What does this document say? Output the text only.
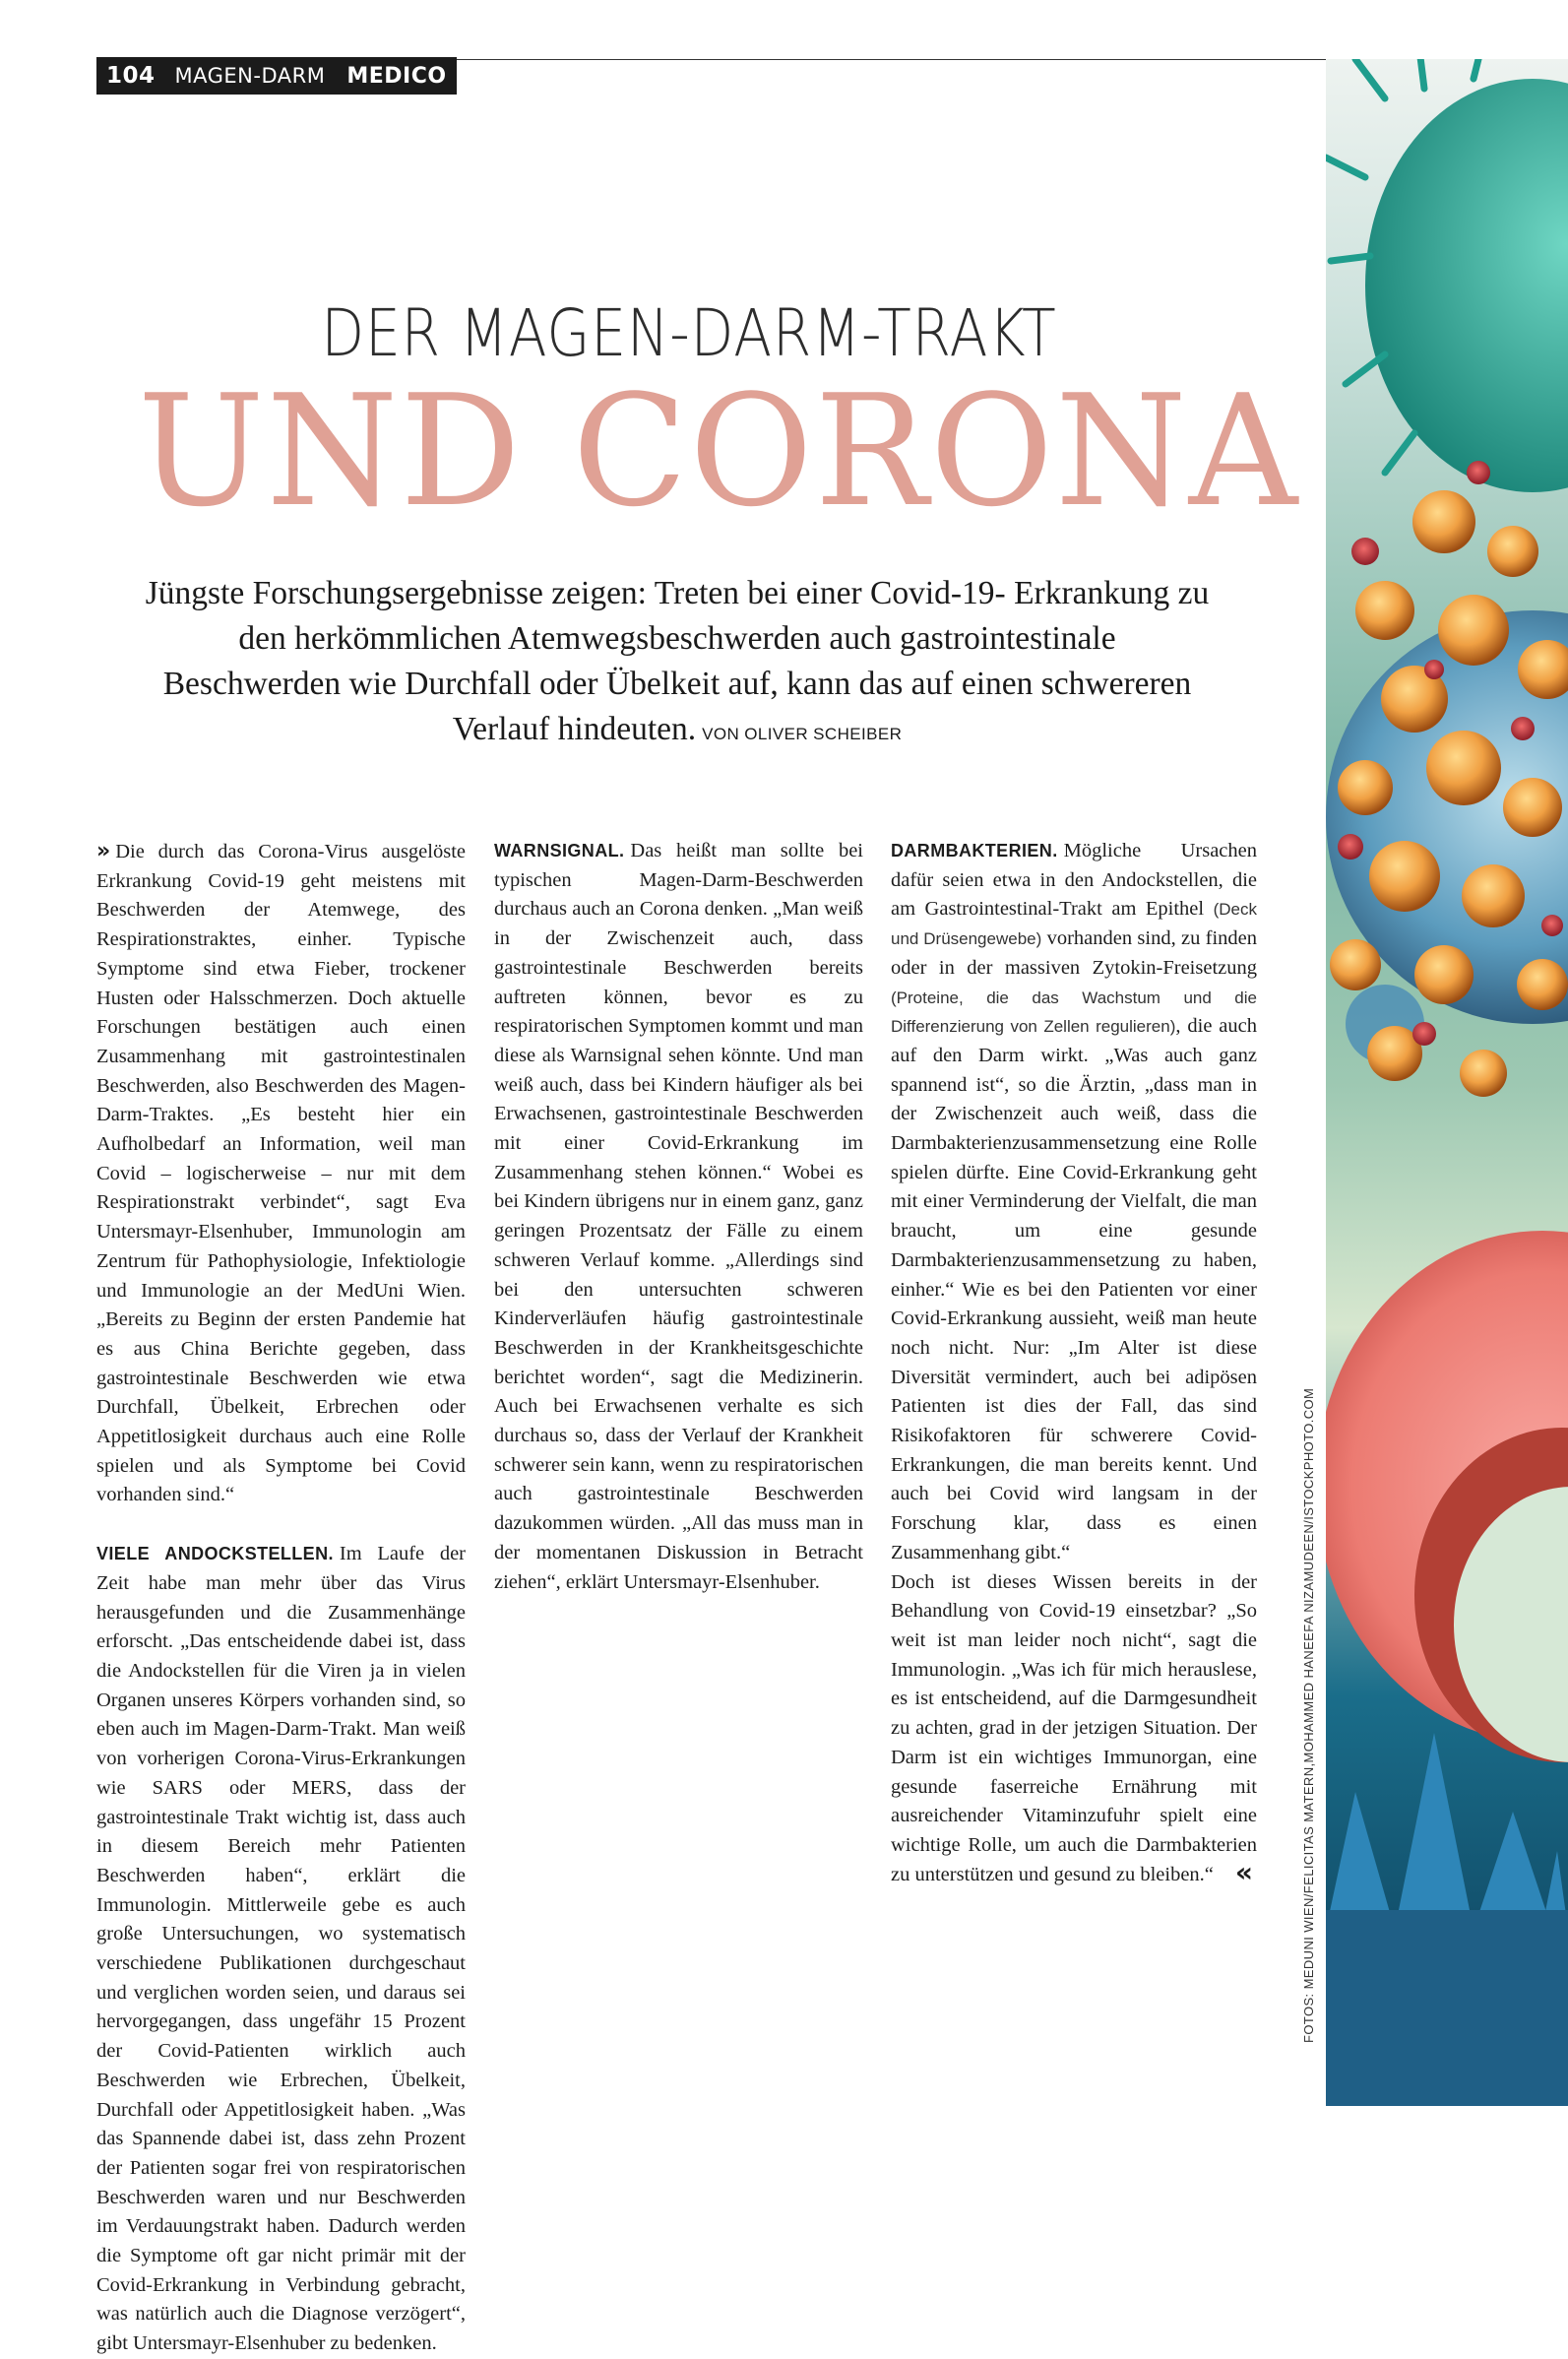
104 MAGEN-DARM MEDICO
DER MAGEN-DARM-TRAKT
UND CORONA
Jüngste Forschungsergebnisse zeigen: Treten bei einer Covid-19- Erkrankung zu
den herkömmlichen Atemwegsbeschwerden auch gastrointestinale
Beschwerden wie Durchfall oder Übelkeit auf, kann das auf einen schwereren
Verlauf hindeuten. VON OLIVER SCHEIBER

» Die durch das Corona-Virus ausgelöste Erkrankung Covid-19 geht meistens mit Beschwerden der Atemwege, des Respirationstraktes, einher. Typische Symptome sind etwa Fieber, trockener Husten oder Halsschmerzen. Doch aktuelle Forschungen bestätigen auch einen Zusammenhang mit gastrointestinalen Beschwerden, also Beschwerden des Magen-Darm-Traktes. „Es besteht hier ein Aufholbedarf an Information, weil man Covid – logischerweise – nur mit dem Respirationstrakt verbindet“, sagt Eva Untersmayr-Elsenhuber, Immunologin am Zentrum für Pathophysiologie, Infektiologie und Immunologie an der MedUni Wien. „Bereits zu Beginn der ersten Pandemie hat es aus China Berichte gegeben, dass gastrointestinale Beschwerden wie etwa Durchfall, Übelkeit, Erbrechen oder Appetitlosigkeit durchaus auch eine Rolle spielen und als Symptome bei Covid vorhanden sind.“

VIELE ANDOCKSTELLEN. Im Laufe der Zeit habe man mehr über das Virus herausgefunden und die Zusammenhänge erforscht. „Das entscheidende dabei ist, dass die Andockstellen für die Viren ja in vielen Organen unseres Körpers vorhanden sind, so eben auch im Magen-Darm-Trakt. Man weiß von vorherigen Corona-Virus-Erkrankungen wie SARS oder MERS, dass der gastrointestinale Trakt wichtig ist, dass auch in diesem Bereich mehr Patienten Beschwerden haben“, erklärt die Immunologin. Mittlerweile gebe es auch große Untersuchungen, wo systematisch verschiedene Publikationen durchgeschaut und verglichen worden seien, und daraus sei hervorgegangen, dass ungefähr 15 Prozent der Covid-Patienten wirklich auch Beschwerden wie Erbrechen, Übelkeit, Durchfall oder Appetitlosigkeit haben. „Was das Spannende dabei ist, dass zehn Prozent der Patienten sogar frei von respiratorischen Beschwerden waren und nur Beschwerden im Verdauungstrakt haben. Dadurch werden die Symptome oft gar nicht primär mit der Covid-Erkrankung in Verbindung gebracht, was natürlich auch die Diagnose verzögert“, gibt Untersmayr-Elsenhuber zu bedenken.

WARNSIGNAL. Das heißt man sollte bei typischen Magen-Darm-Beschwerden durchaus auch an Corona denken. „Man weiß in der Zwischenzeit auch, dass gastrointestinale Beschwerden bereits auftreten können, bevor es zu respiratorischen Symptomen kommt und man diese als Warnsignal sehen könnte. Und man weiß auch, dass bei Kindern häufiger als bei Erwachsenen, gastrointestinale Beschwerden mit einer Covid-Erkrankung im Zusammenhang stehen können.“ Wobei es bei Kindern übrigens nur in einem ganz, ganz geringen Prozentsatz der Fälle zu einem schweren Verlauf komme. „Allerdings sind bei den untersuchten schweren Kinderverläufen häufig gastrointestinale Beschwerden in der Krankheitsgeschichte berichtet worden“, sagt die Medizinerin. Auch bei Erwachsenen verhalte es sich durchaus so, dass der Verlauf der Krankheit schwerer sein kann, wenn zu respiratorischen auch gastrointestinale Beschwerden dazukommen würden. „All das muss man in der momentanen Diskussion in Betracht ziehen“, erklärt Untersmayr-Elsenhuber.

DARMBAKTERIEN. Mögliche Ursachen dafür seien etwa in den Andockstellen, die am Gastrointestinal-Trakt am Epithel (Deck und Drüsengewebe) vorhanden sind, zu finden oder in der massiven Zytokin-Freisetzung (Proteine, die das Wachstum und die Differenzierung von Zellen regulieren), die auch auf den Darm wirkt. „Was auch ganz spannend ist“, so die Ärztin, „dass man in der Zwischenzeit auch weiß, dass die Darmbakterienzusammensetzung eine Rolle spielen dürfte. Eine Covid-Erkrankung geht mit einer Verminderung der Vielfalt, die man braucht, um eine gesunde Darmbakterienzusammensetzung zu haben, einher.“ Wie es bei den Patienten vor einer Covid-Erkrankung aussieht, weiß man heute noch nicht. Nur: „Im Alter ist diese Diversität vermindert, auch bei adipösen Patienten ist dies der Fall, das sind Risikofaktoren für schwerere Covid-Erkrankungen, die man bereits kennt. Und auch bei Covid wird langsam in der Forschung klar, dass es einen Zusammenhang gibt.“

Doch ist dieses Wissen bereits in der Behandlung von Covid-19 einsetzbar? „So weit ist man leider noch nicht“, sagt die Immunologin. „Was ich für mich herauslese, es ist entscheidend, auf die Darmgesundheit zu achten, grad in der jetzigen Situation. Der Darm ist ein wichtiges Immunorgan, eine gesunde faserreiche Ernährung mit ausreichender Vitaminzufuhr spielt eine wichtige Rolle, um auch die Darmbakterien zu unterstützen und gesund zu bleiben.“ «	FOTOS: MEDUNI WIEN/FELICITAS MATERN,MOHAMMED HANEEFA NIZAMUDEEN/ISTOCKPHOTO.COM
